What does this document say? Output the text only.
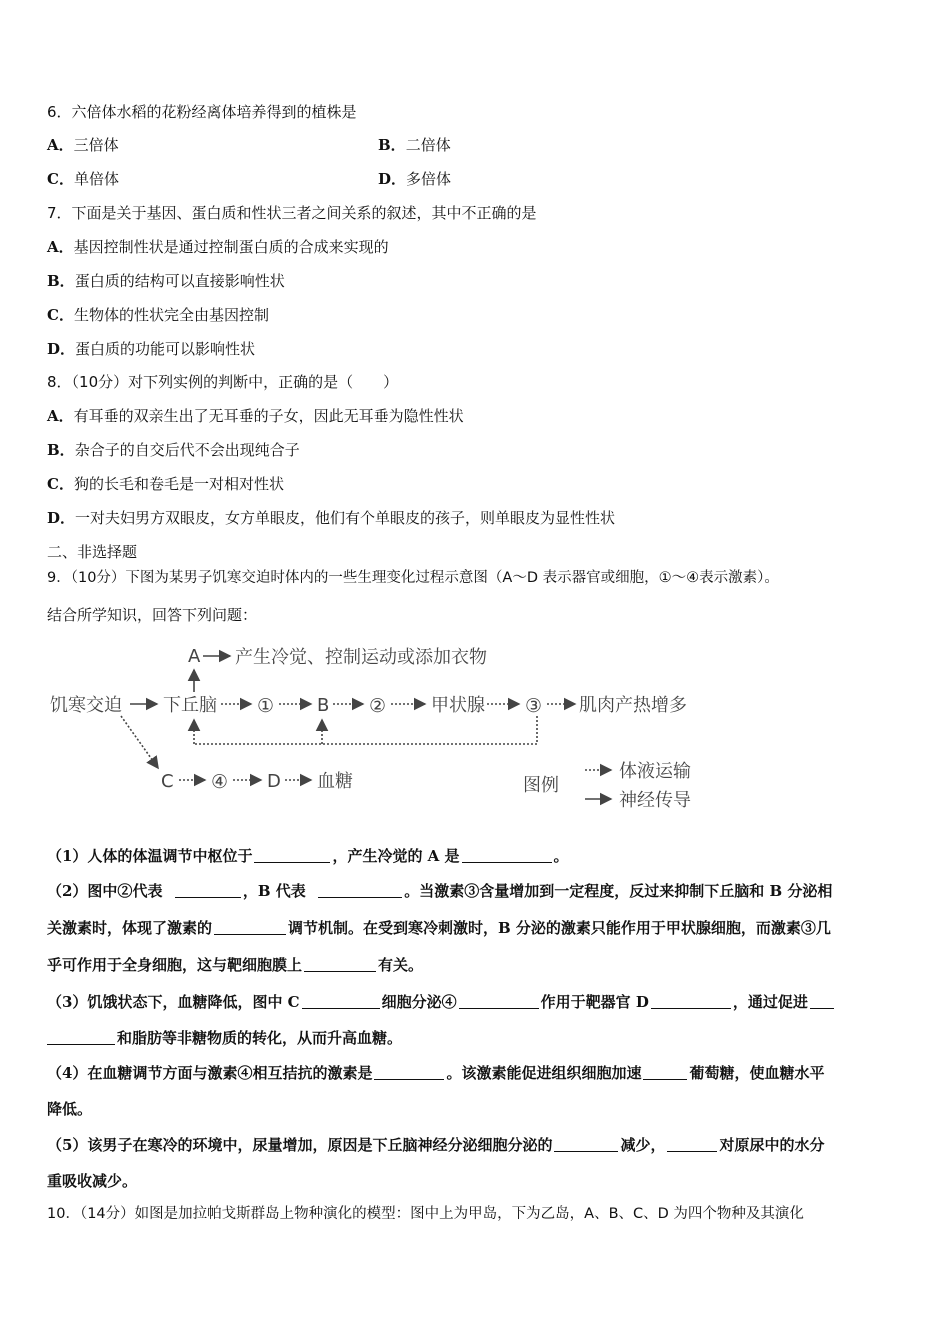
6．六倍体水稻的花粉经离体培养得到的植株是
A．三倍体	B．二倍体
C．单倍体	D．多倍体
7．下面是关于基因、蛋白质和性状三者之间关系的叙述，其中不正确的是
A．基因控制性状是通过控制蛋白质的合成来实现的
B．蛋白质的结构可以直接影响性状
C．生物体的性状完全由基因控制
D．蛋白质的功能可以影响性状
8．（10分）对下列实例的判断中，正确的是（　　）
A．有耳垂的双亲生出了无耳垂的子女，因此无耳垂为隐性性状
B．杂合子的自交后代不会出现纯合子
C．狗的长毛和卷毛是一对相对性状
D．一对夫妇男方双眼皮，女方单眼皮，他们有个单眼皮的孩子，则单眼皮为显性性状
二、非选择题
9．（10分）下图为某男子饥寒交迫时体内的一些生理变化过程示意图（A～D 表示器官或细胞，①～④表示激素）。
结合所学知识，回答下列问题：
A 产生冷觉、控制运动或添加衣物
饥寒交迫 下丘脑 ① B ② 甲状腺 ③ 肌肉产热增多
C ④ D 血糖	图例
体液运输
神经传导
（1）人体的体温调节中枢位于	，产生冷觉的 A 是	。
（2）图中②代表	，B 代表	。当激素③含量增加到一定程度，反过来抑制下丘脑和 B 分泌相
关激素时，体现了激素的	调节机制。在受到寒冷刺激时，B 分泌的激素只能作用于甲状腺细胞，而激素③几
乎可作用于全身细胞，这与靶细胞膜上	有关。
（3）饥饿状态下，血糖降低，图中 C	细胞分泌④	作用于靶器官 D	，通过促进
和脂肪等非糖物质的转化，从而升高血糖。
（4）在血糖调节方面与激素④相互拮抗的激素是	。该激素能促进组织细胞加速	葡萄糖，使血糖水平
降低。
（5）该男子在寒冷的环境中，尿量增加，原因是下丘脑神经分泌细胞分泌的	减少，	对原尿中的水分
重吸收减少。
10．（14分）如图是加拉帕戈斯群岛上物种演化的模型：图中上为甲岛，下为乙岛，A、B、C、D 为四个物种及其演化
